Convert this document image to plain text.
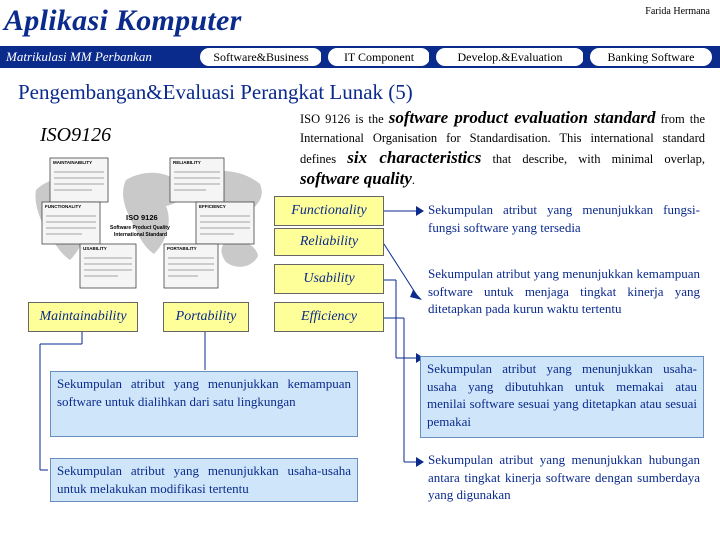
Aplikasi Komputer	Farida Hermana
Matrikulasi MM Perbankan	Software&Business	IT Component	Develop.&Evaluation	Banking Software
Pengembangan&Evaluasi Perangkat Lunak (5)
ISO9126
ISO 9126 is the software product evaluation standard from the International Organisation for Standardisation. This international standard defines six characteristics that describe, with minimal overlap, software quality.
MAINTAINABILITY	RELIABILITY
FUNCTIONALITY	EFFICIENCY
USABILITY	PORTABILITY
ISO 9126
Software Product Quality
International Standard
Functionality
Reliability
Usability
Efficiency
Maintainability	Portability
Sekumpulan atribut yang menunjukkan fungsi-fungsi software yang tersedia
Sekumpulan atribut yang menunjukkan kemampuan software untuk menjaga tingkat kinerja yang ditetapkan pada kurun waktu tertentu
Sekumpulan atribut yang menunjukkan usaha-usaha yang dibutuhkan untuk memakai atau menilai software sesuai yang ditetapkan atau sesuai pemakai
Sekumpulan atribut yang menunjukkan hubungan antara tingkat kinerja software dengan sumberdaya yang digunakan
Sekumpulan atribut yang menunjukkan kemampuan software untuk dialihkan dari satu lingkungan
Sekumpulan atribut yang menunjukkan usaha-usaha untuk melakukan modifikasi tertentu
